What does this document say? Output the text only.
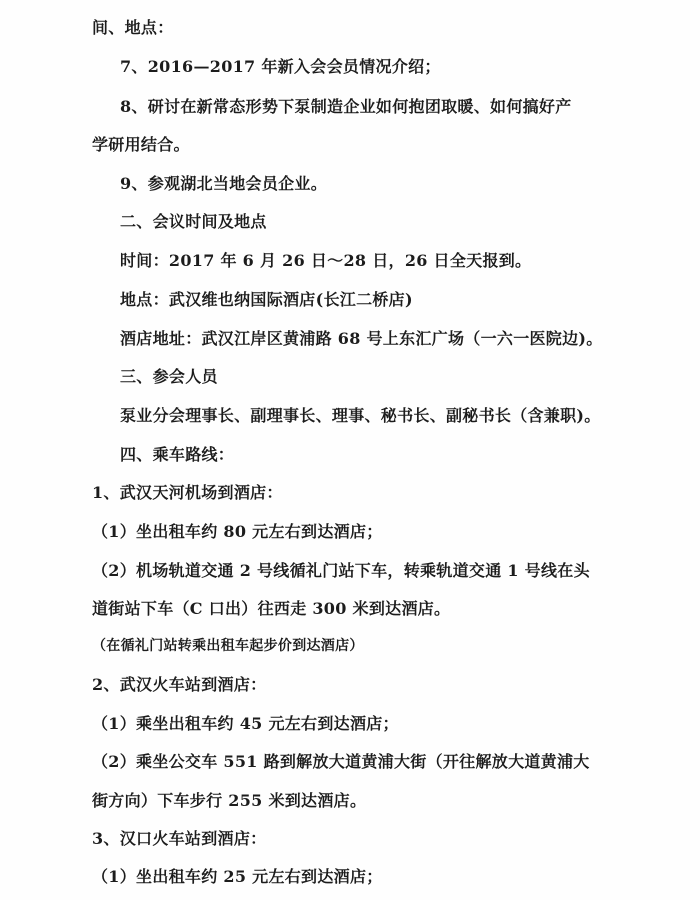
间、地点：
7、2016—2017 年新入会会员情况介绍；
8、研讨在新常态形势下泵制造企业如何抱团取暖、如何搞好产
学研用结合。
9、参观湖北当地会员企业。
二、会议时间及地点
时间：2017 年 6 月 26 日～28 日，26 日全天报到。
地点：武汉维也纳国际酒店(长江二桥店)
酒店地址：武汉江岸区黄浦路 68 号上东汇广场（一六一医院边)。
三、参会人员
泵业分会理事长、副理事长、理事、秘书长、副秘书长（含兼职)。
四、乘车路线：
1、武汉天河机场到酒店：
（1）坐出租车约 80 元左右到达酒店；
（2）机场轨道交通 2 号线循礼门站下车，转乘轨道交通 1 号线在头
道街站下车（C 口出）往西走 300 米到达酒店。
（在循礼门站转乘出租车起步价到达酒店）
2、武汉火车站到酒店：
（1）乘坐出租车约 45 元左右到达酒店；
（2）乘坐公交车 551 路到解放大道黄浦大街（开往解放大道黄浦大
街方向）下车步行 255 米到达酒店。
3、汉口火车站到酒店：
（1）坐出租车约 25 元左右到达酒店；
